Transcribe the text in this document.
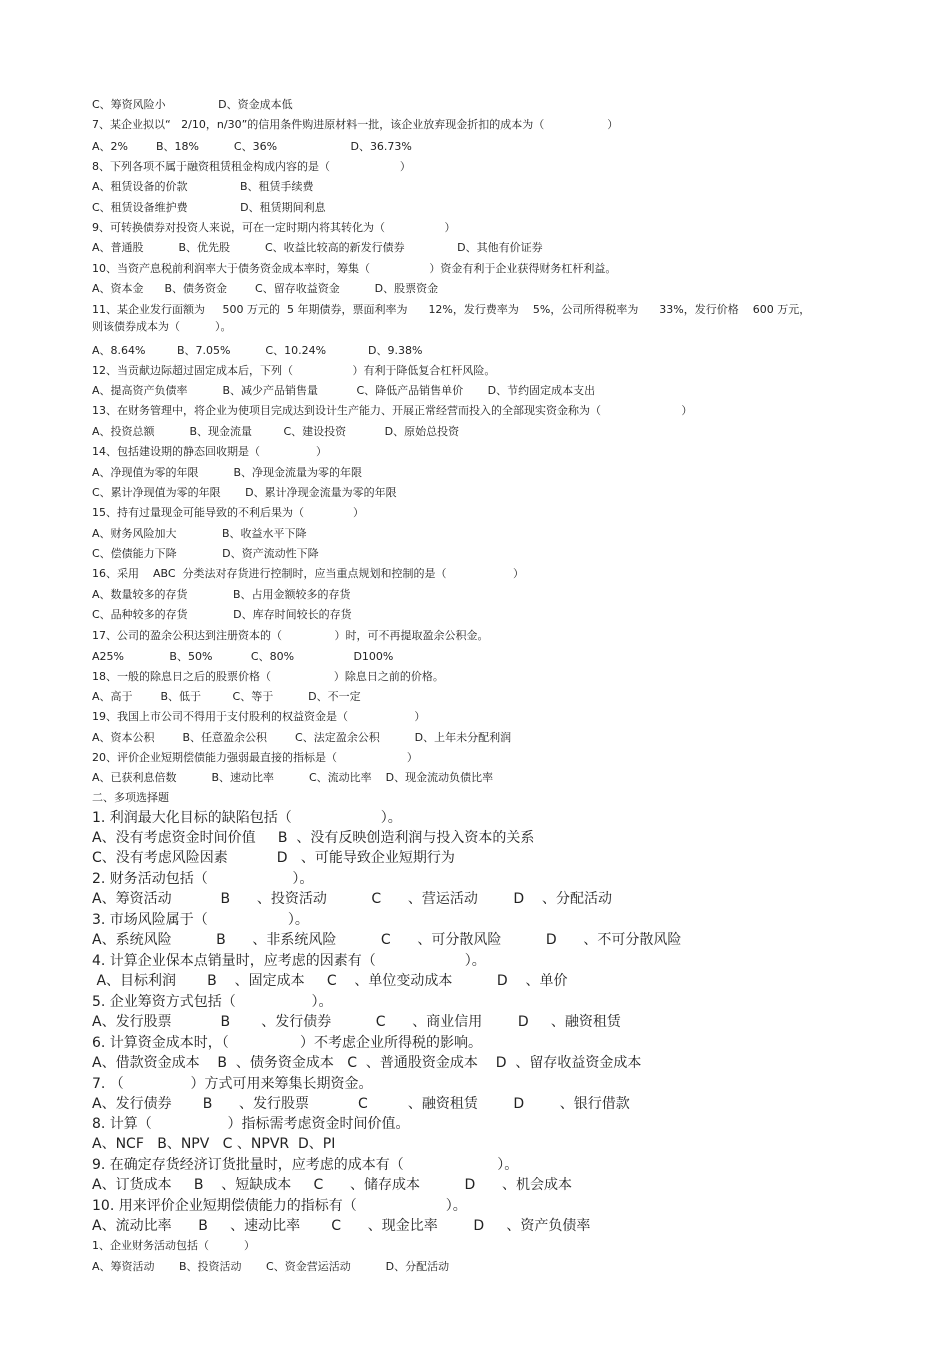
C、筹资风险小               D、资金成本低
7、某企业拟以“   2/10，n/30”的信用条件购进原材料一批，该企业放弃现金折扣的成本为（                  ）
A、2%        B、18%          C、36%                     D、36.73%
8、下列各项不属于融资租赁租金构成内容的是（                    ）
A、租赁设备的价款               B、租赁手续费
C、租赁设备维护费               D、租赁期间利息
9、可转换债券对投资人来说，可在一定时期内将其转化为（                 ）
A、普通股          B、优先股          C、收益比较高的新发行债券               D、其他有价证券
10、当资产息税前利润率大于债务资金成本率时，筹集（                 ）资金有利于企业获得财务杠杆利益。
A、资本金      B、债务资金        C、留存收益资金          D、股票资金
11、某企业发行面额为     500 万元的  5 年期债券，票面利率为      12%，发行费率为    5%，公司所得税率为      33%，发行价格    600 万元，
则该债券成本为（          ）。
A、8.64%         B、7.05%          C、10.24%            D、9.38%
12、当贡献边际超过固定成本后，下列（                 ）有利于降低复合杠杆风险。
A、提高资产负债率          B、减少产品销售量           C、降低产品销售单价       D、节约固定成本支出
13、在财务管理中，将企业为使项目完成达到设计生产能力、开展正常经营而投入的全部现实资金称为（                       ）
A、投资总额          B、现金流量         C、建设投资           D、原始总投资
14、包括建设期的静态回收期是（                ）
A、净现值为零的年限          B、净现金流量为零的年限
C、累计净现值为零的年限       D、累计净现金流量为零的年限
15、持有过量现金可能导致的不利后果为（              ）
A、财务风险加大             B、收益水平下降
C、偿债能力下降             D、资产流动性下降
16、采用    ABC  分类法对存货进行控制时，应当重点规划和控制的是（                   ）
A、数量较多的存货             B、占用金额较多的存货
C、品种较多的存货             D、库存时间较长的存货
17、公司的盈余公积达到注册资本的（               ）时，可不再提取盈余公积金。
A25%             B、50%           C、80%                 D100%
18、一般的除息日之后的股票价格（                  ）除息日之前的价格。
A、高于        B、低于         C、等于          D、不一定
19、我国上市公司不得用于支付股利的权益资金是（                   ）
A、资本公积        B、任意盈余公积        C、法定盈余公积          D、上年未分配利润
20、评价企业短期偿债能力强弱最直接的指标是（                    ）
A、已获利息倍数          B、速动比率          C、流动比率    D、现金流动负债比率
二、多项选择题
1. 利润最大化目标的缺陷包括（                    ）。
A、没有考虑资金时间价值     B  、没有反映创造利润与投入资本的关系
C、没有考虑风险因素           D   、可能导致企业短期行为
2. 财务活动包括（                   ）。
A、筹资活动           B      、投资活动          C      、营运活动        D    、分配活动
3. 市场风险属于（                  ）。
A、系统风险          B      、非系统风险          C      、可分散风险          D      、不可分散风险
4. 计算企业保本点销量时，应考虑的因素有（                    ）。
A、目标利润       B    、固定成本     C    、单位变动成本          D    、单价
5. 企业筹资方式包括（                 ）。
A、发行股票           B       、发行债券          C      、商业信用        D     、融资租赁
6. 计算资金成本时，（                ）不考虑企业所得税的影响。
A、借款资金成本    B  、债务资金成本   C  、普通股资金成本    D  、留存收益资金成本
7. （               ）方式可用来筹集长期资金。
A、发行债券       B      、发行股票           C         、融资租赁        D        、银行借款
8. 计算（                 ）指标需考虑资金时间价值。
A、NCF   B、NPV   C 、NPVR  D、PI
9. 在确定存货经济订货批量时，应考虑的成本有（                     ）。
A、订货成本     B    、短缺成本     C      、储存成本          D      、机会成本
10. 用来评价企业短期偿债能力的指标有（                    ）。
A、流动比率      B     、速动比率       C      、现金比率        D     、资产负债率
1、企业财务活动包括（          ）
A、筹资活动       B、投资活动       C、资金营运活动          D、分配活动
